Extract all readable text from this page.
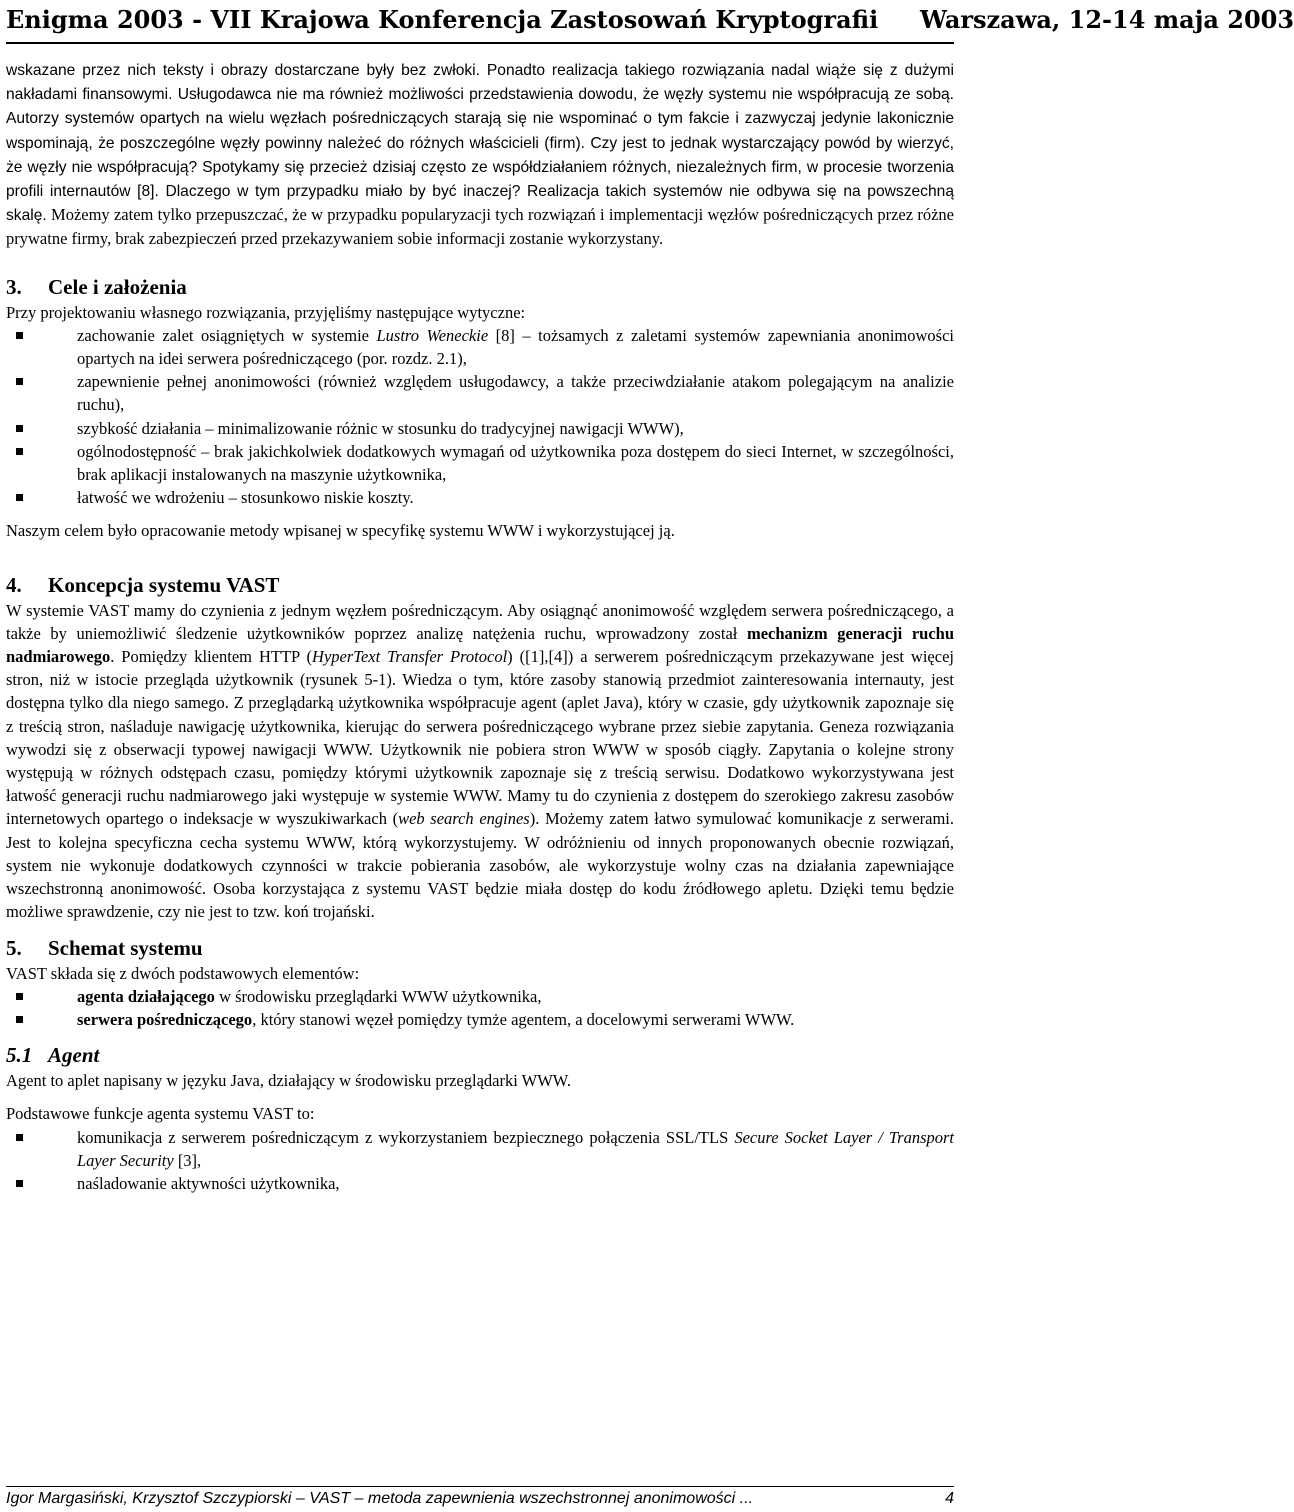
Enigma 2003 - VII Krajowa Konferencja Zastosowań Kryptografii     Warszawa, 12-14 maja 2003

wskazane przez nich teksty i obrazy dostarczane były bez zwłoki. Ponadto realizacja takiego rozwiązania nadal wiąże się z dużymi nakładami finansowymi. Usługodawca nie ma również możliwości przedstawienia dowodu, że węzły systemu nie współpracują ze sobą. Autorzy systemów opartych na wielu węzłach pośredniczących starają się nie wspominać o tym fakcie i zazwyczaj jedynie lakonicznie wspominają, że poszczególne węzły powinny należeć do różnych właścicieli (firm). Czy jest to jednak wystarczający powód by wierzyć, że węzły nie współpracują? Spotykamy się przecież dzisiaj często ze współdziałaniem różnych, niezależnych firm, w procesie tworzenia profili internautów [8]. Dlaczego w tym przypadku miało by być inaczej? Realizacja takich systemów nie odbywa się na powszechną skalę. Możemy zatem tylko przepuszczać, że w przypadku popularyzacji tych rozwiązań i implementacji węzłów pośredniczących przez różne prywatne firmy, brak zabezpieczeń przed przekazywaniem sobie informacji zostanie wykorzystany.

3. Cele i założenia

Przy projektowaniu własnego rozwiązania, przyjęliśmy następujące wytyczne:

zachowanie zalet osiągniętych w systemie Lustro Weneckie [8] – tożsamych z zaletami systemów zapewniania anonimowości opartych na idei serwera pośredniczącego (por. rozdz. 2.1),
zapewnienie pełnej anonimowości (również względem usługodawcy, a także przeciwdziałanie atakom polegającym na analizie ruchu),
szybkość działania – minimalizowanie różnic w stosunku do tradycyjnej nawigacji WWW),
ogólnodostępność – brak jakichkolwiek dodatkowych wymagań od użytkownika poza dostępem do sieci Internet, w szczególności, brak aplikacji instalowanych na maszynie użytkownika,
łatwość we wdrożeniu – stosunkowo niskie koszty.

Naszym celem było opracowanie metody wpisanej w specyfikę systemu WWW i wykorzystującej ją.

4. Koncepcja systemu VAST

W systemie VAST mamy do czynienia z jednym węzłem pośredniczącym. Aby osiągnąć anonimowość względem serwera pośredniczącego, a także by uniemożliwić śledzenie użytkowników poprzez analizę natężenia ruchu, wprowadzony został mechanizm generacji ruchu nadmiarowego. Pomiędzy klientem HTTP (HyperText Transfer Protocol) ([1],[4]) a serwerem pośredniczącym przekazywane jest więcej stron, niż w istocie przegląda użytkownik (rysunek 5-1). Wiedza o tym, które zasoby stanowią przedmiot zainteresowania internauty, jest dostępna tylko dla niego samego. Z przeglądarką użytkownika współpracuje agent (aplet Java), który w czasie, gdy użytkownik zapoznaje się z treścią stron, naśladuje nawigację użytkownika, kierując do serwera pośredniczącego wybrane przez siebie zapytania. Geneza rozwiązania wywodzi się z obserwacji typowej nawigacji WWW. Użytkownik nie pobiera stron WWW w sposób ciągły. Zapytania o kolejne strony występują w różnych odstępach czasu, pomiędzy którymi użytkownik zapoznaje się z treścią serwisu. Dodatkowo wykorzystywana jest łatwość generacji ruchu nadmiarowego jaki występuje w systemie WWW. Mamy tu do czynienia z dostępem do szerokiego zakresu zasobów internetowych opartego o indeksacje w wyszukiwarkach (web search engines). Możemy zatem łatwo symulować komunikacje z serwerami. Jest to kolejna specyficzna cecha systemu WWW, którą wykorzystujemy. W odróżnieniu od innych proponowanych obecnie rozwiązań, system nie wykonuje dodatkowych czynności w trakcie pobierania zasobów, ale wykorzystuje wolny czas na działania zapewniające wszechstronną anonimowość. Osoba korzystająca z systemu VAST będzie miała dostęp do kodu źródłowego apletu. Dzięki temu będzie możliwe sprawdzenie, czy nie jest to tzw. koń trojański.

5. Schemat systemu

VAST składa się z dwóch podstawowych elementów:

agenta działającego w środowisku przeglądarki WWW użytkownika,
serwera pośredniczącego, który stanowi węzeł pomiędzy tymże agentem, a docelowymi serwerami WWW.
5.1 Agent

Agent to aplet napisany w języku Java, działający w środowisku przeglądarki WWW.

Podstawowe funkcje agenta systemu VAST to:

komunikacja z serwerem pośredniczącym z wykorzystaniem bezpiecznego połączenia SSL/TLS Secure Socket Layer / Transport Layer Security [3],
naśladowanie aktywności użytkownika,
Igor Margasiński, Krzysztof Szczypiorski – VAST – metoda zapewnienia wszechstronnej anonimowości ...	4
